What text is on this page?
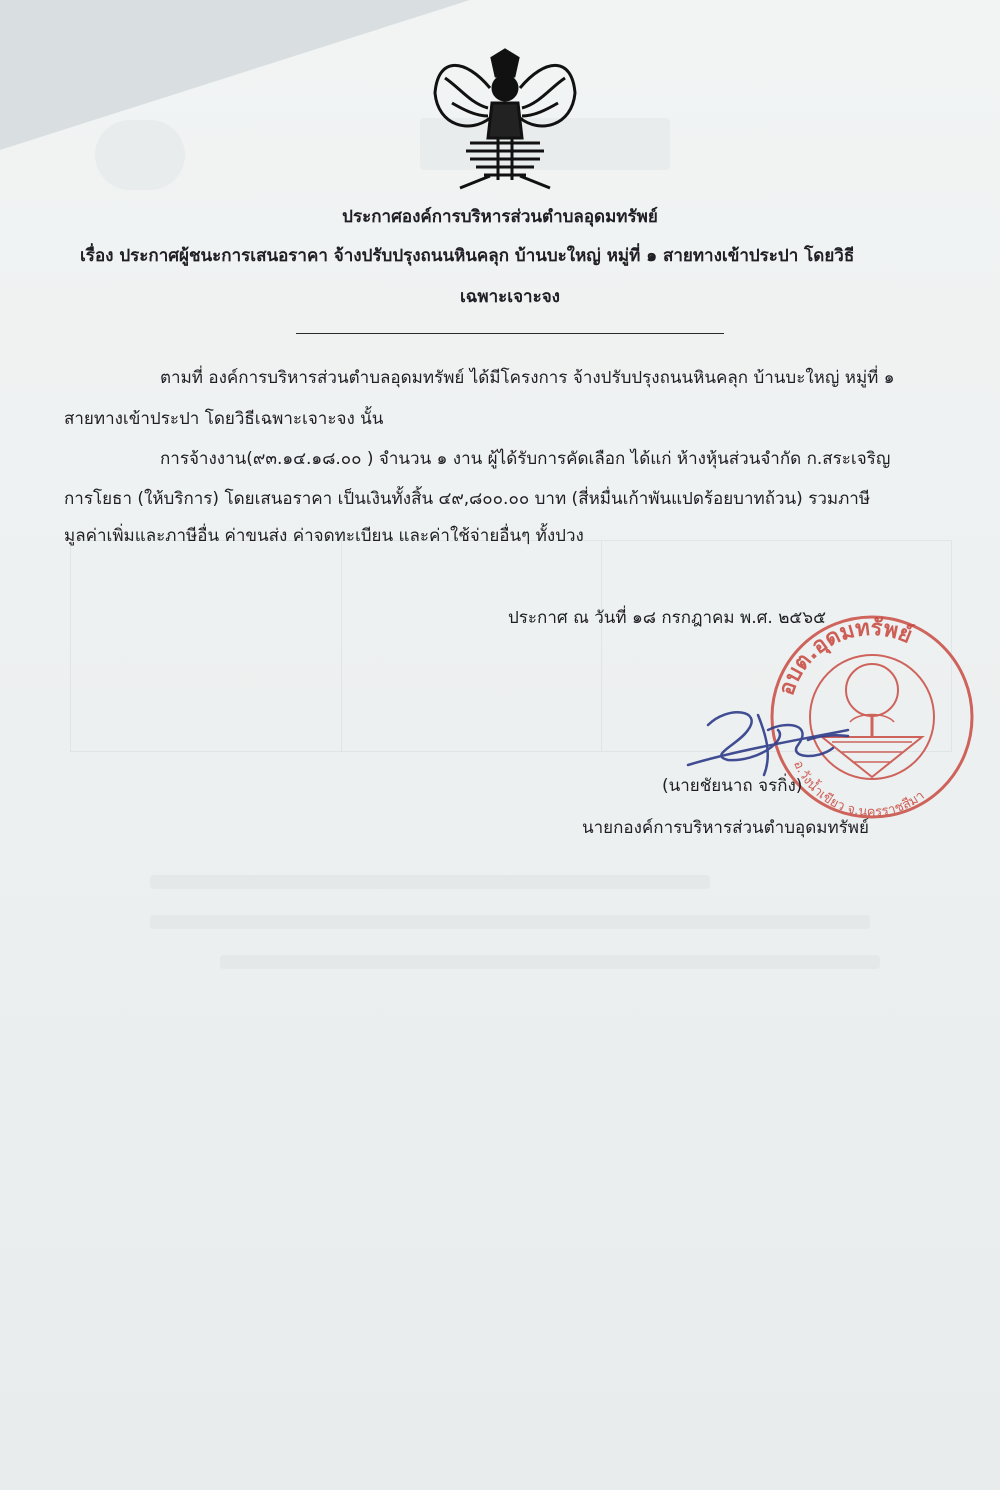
ประกาศองค์การบริหารส่วนตำบลอุดมทรัพย์
เรื่อง ประกาศผู้ชนะการเสนอราคา จ้างปรับปรุงถนนหินคลุก บ้านบะใหญ่ หมู่ที่ ๑ สายทางเข้าประปา โดยวิธี
เฉพาะเจาะจง
ตามที่ องค์การบริหารส่วนตำบลอุดมทรัพย์ ได้มีโครงการ จ้างปรับปรุงถนนหินคลุก บ้านบะใหญ่ หมู่ที่ ๑
สายทางเข้าประปา โดยวิธีเฉพาะเจาะจง นั้น
การจ้างงาน(๙๓.๑๔.๑๘.๐๐ ) จำนวน ๑ งาน ผู้ได้รับการคัดเลือก ได้แก่ ห้างหุ้นส่วนจำกัด ก.สระเจริญ
การโยธา (ให้บริการ) โดยเสนอราคา เป็นเงินทั้งสิ้น ๔๙,๘๐๐.๐๐ บาท (สี่หมื่นเก้าพันแปดร้อยบาทถ้วน) รวมภาษี
มูลค่าเพิ่มและภาษีอื่น ค่าขนส่ง ค่าจดทะเบียน และค่าใช้จ่ายอื่นๆ ทั้งปวง
ประกาศ ณ วันที่ ๑๘ กรกฎาคม พ.ศ. ๒๕๖๕
อบต.อุดมทรัพย์
อ.วังน้ำเขียว จ.นครราชสีมา
(นายชัยนาถ จรกิ่ง)
นายกองค์การบริหารส่วนตำบอุดมทรัพย์
